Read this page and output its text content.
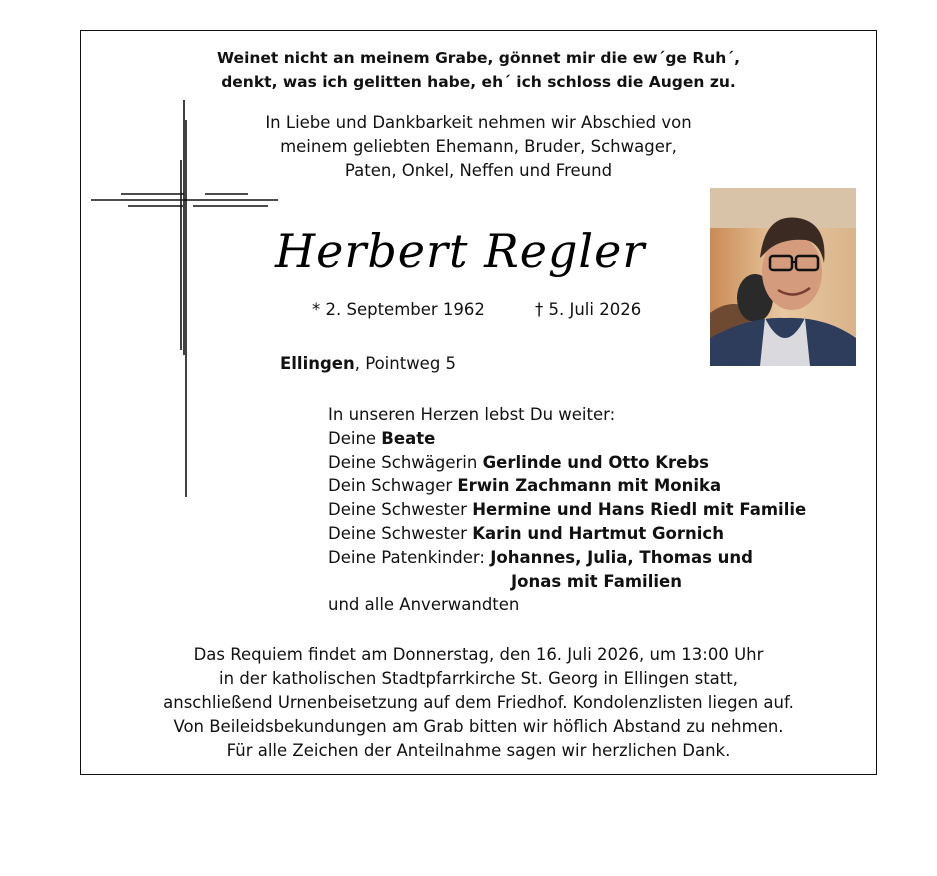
Weinet nicht an meinem Grabe, gönnet mir die ew´ge Ruh´,
denkt, was ich gelitten habe, eh´ ich schloss die Augen zu.
In Liebe und Dankbarkeit nehmen wir Abschied von
meinem geliebten Ehemann, Bruder, Schwager,
Paten, Onkel, Neffen und Freund
Herbert Regler
* 2. September 1962	† 5. Juli 2026
Ellingen, Pointweg 5
In unseren Herzen lebst Du weiter:
Deine Beate
Deine Schwägerin Gerlinde und Otto Krebs
Dein Schwager Erwin Zachmann mit Monika
Deine Schwester Hermine und Hans Riedl mit Familie
Deine Schwester Karin und Hartmut Gornich
Deine Patenkinder: Johannes, Julia, Thomas und
Jonas mit Familien
und alle Anverwandten
Das Requiem findet am Donnerstag, den 16. Juli 2026, um 13:00 Uhr
in der katholischen Stadtpfarrkirche St. Georg in Ellingen statt,
anschließend Urnenbeisetzung auf dem Friedhof. Kondolenzlisten liegen auf.
Von Beileidsbekundungen am Grab bitten wir höflich Abstand zu nehmen.
Für alle Zeichen der Anteilnahme sagen wir herzlichen Dank.
